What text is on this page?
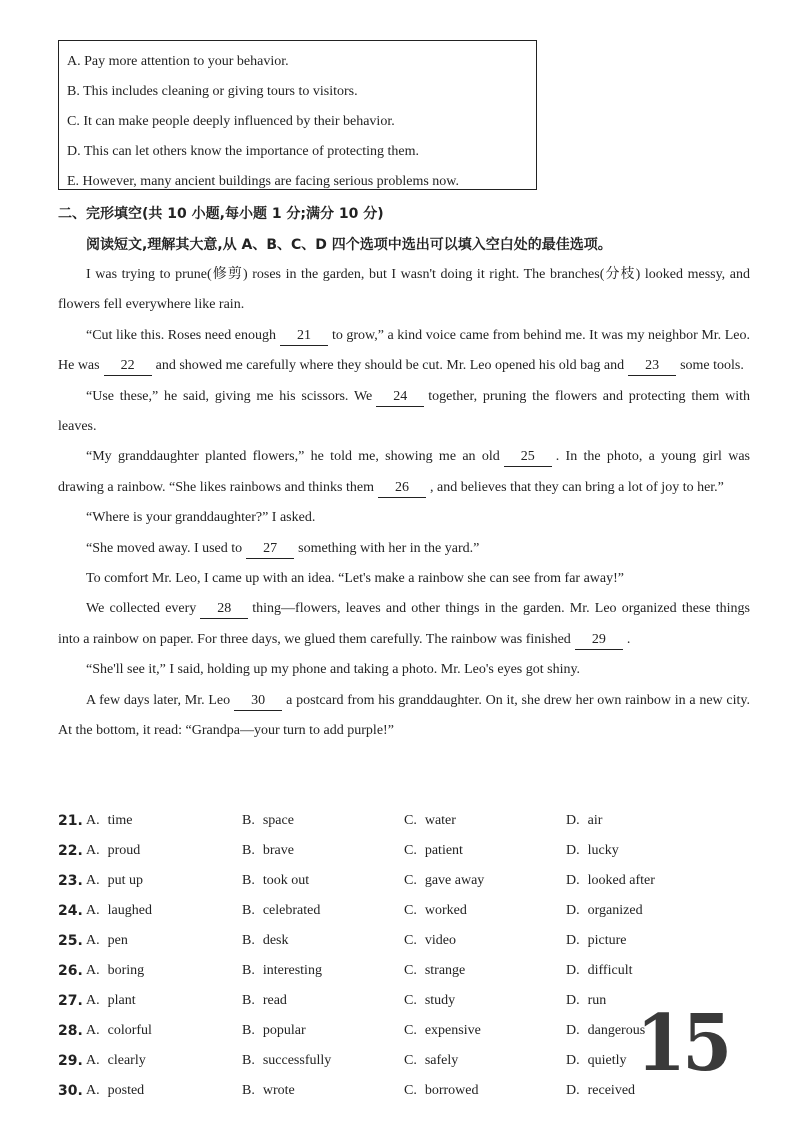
A. Pay more attention to your behavior.
B. This includes cleaning or giving tours to visitors.
C. It can make people deeply influenced by their behavior.
D. This can let others know the importance of protecting them.
E. However, many ancient buildings are facing serious problems now.
二、完形填空(共 10 小题,每小题 1 分;满分 10 分)
阅读短文,理解其大意,从 A、B、C、D 四个选项中选出可以填入空白处的最佳选项。

I was trying to prune(修剪) roses in the garden, but I wasn't doing it right. The branches(分枝) looked messy, and flowers fell everywhere like rain.

“Cut like this. Roses need enough 21 to grow,” a kind voice came from behind me. It was my neighbor Mr. Leo. He was 22 and showed me carefully where they should be cut. Mr. Leo opened his old bag and 23 some tools.

“Use these,” he said, giving me his scissors. We 24 together, pruning the flowers and protecting them with leaves.

“My granddaughter planted flowers,” he told me, showing me an old 25 . In the photo, a young girl was drawing a rainbow. “She likes rainbows and thinks them 26 , and believes that they can bring a lot of joy to her.”

“Where is your granddaughter?” I asked.

“She moved away. I used to 27 something with her in the yard.”

To comfort Mr. Leo, I came up with an idea. “Let's make a rainbow she can see from far away!”

We collected every 28 thing—flowers, leaves and other things in the garden. Mr. Leo organized these things into a rainbow on paper. For three days, we glued them carefully. The rainbow was finished 29 .

“She'll see it,” I said, holding up my phone and taking a photo. Mr. Leo's eyes got shiny.

A few days later, Mr. Leo 30 a postcard from his granddaughter. On it, she drew her own rainbow in a new city. At the bottom, it read: “Grandpa—your turn to add purple!”

21. A. time	B. space	C. water	D. air
22. A. proud	B. brave	C. patient	D. lucky
23. A. put up	B. took out	C. gave away	D. looked after
24. A. laughed	B. celebrated	C. worked	D. organized
25. A. pen	B. desk	C. video	D. picture
26. A. boring	B. interesting	C. strange	D. difficult
27. A. plant	B. read	C. study	D. run
28. A. colorful	B. popular	C. expensive	D. dangerous
29. A. clearly	B. successfully	C. safely	D. quietly
30. A. posted	B. wrote	C. borrowed	D. received
15
